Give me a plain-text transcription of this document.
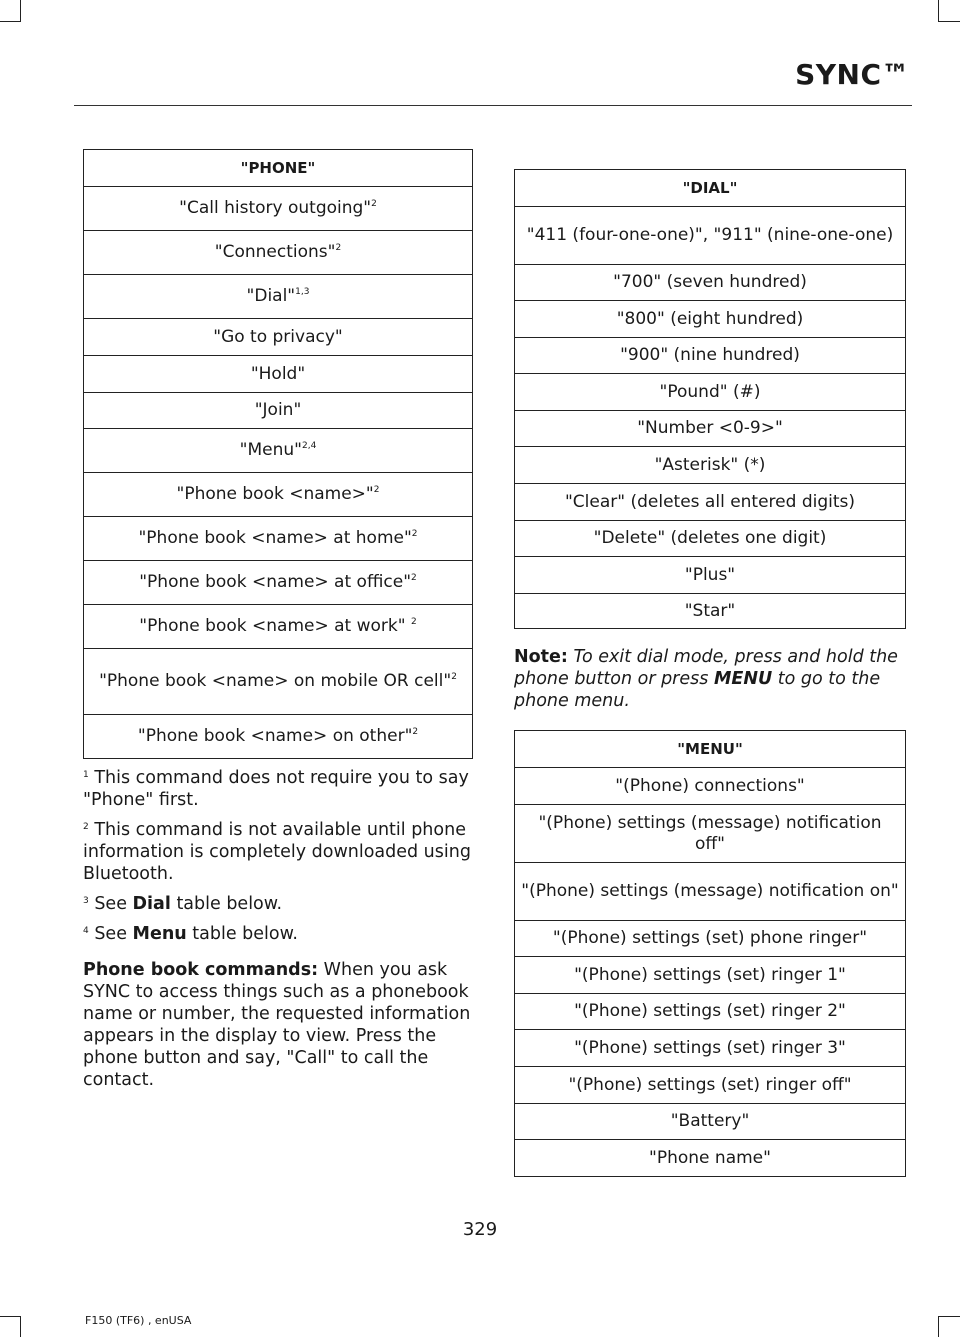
SYNC™
"PHONE"
"Call history outgoing"$^2$
"Connections"$^2$
"Dial"$^{1,3}$
"Go to privacy"
"Hold"
"Join"
"Menu"$^{2,4}$
"Phone book <name>"$^2$
"Phone book <name> at home"$^2$
"Phone book <name> at office"$^2$
"Phone book <name> at work" $^2$
"Phone book <name> on mobile OR cell"$^2$
"Phone book <name> on other"$^2$

$^1$ This command does not require you to say "Phone" first.

$^2$ This command is not available until phone information is completely downloaded using Bluetooth.

$^3$ See Dial table below.

$^4$ See Menu table below.

Phone book commands: When you ask SYNC to access things such as a phonebook name or number, the requested information appears in the display to view. Press the phone button and say, "Call" to call the contact.

"DIAL"
"411 (four-one-one)", "911" (nine-one-one)
"700" (seven hundred)
"800" (eight hundred)
"900" (nine hundred)
"Pound" (#)
"Number <0-9>"
"Asterisk" (*)
"Clear" (deletes all entered digits)
"Delete" (deletes one digit)
"Plus"
"Star"
Note: To exit dial mode, press and hold the phone button or press MENU to go to the phone menu.
"MENU"
"(Phone) connections"
"(Phone) settings (message) notification off"
"(Phone) settings (message) notification on"
"(Phone) settings (set) phone ringer"
"(Phone) settings (set) ringer 1"
"(Phone) settings (set) ringer 2"
"(Phone) settings (set) ringer 3"
"(Phone) settings (set) ringer off"
"Battery"
"Phone name"
329
F150 (TF6) , enUSA
